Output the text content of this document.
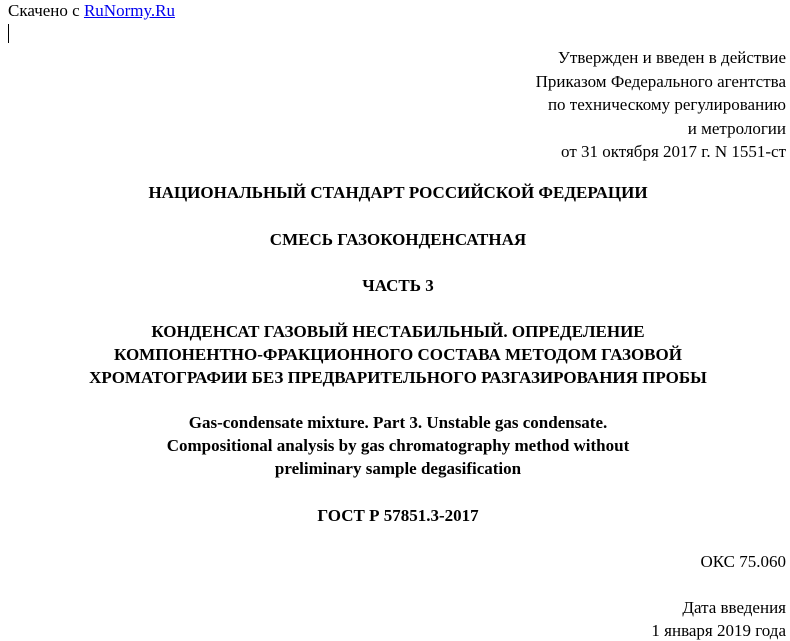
Скачено с RuNormy.Ru
Утвержден и введен в действие
Приказом Федерального агентства
по техническому регулированию
и метрологии
от 31 октября 2017 г. N 1551-ст
НАЦИОНАЛЬНЫЙ СТАНДАРТ РОССИЙСКОЙ ФЕДЕРАЦИИ
СМЕСЬ ГАЗОКОНДЕНСАТНАЯ
ЧАСТЬ 3
КОНДЕНСАТ ГАЗОВЫЙ НЕСТАБИЛЬНЫЙ. ОПРЕДЕЛЕНИЕ
КОМПОНЕНТНО-ФРАКЦИОННОГО СОСТАВА МЕТОДОМ ГАЗОВОЙ
ХРОМАТОГРАФИИ БЕЗ ПРЕДВАРИТЕЛЬНОГО РАЗГАЗИРОВАНИЯ ПРОБЫ
Gas-condensate mixture. Part 3. Unstable gas condensate.
Compositional analysis by gas chromatography method without
preliminary sample degasification
ГОСТ Р 57851.3-2017
ОКС 75.060
Дата введения
1 января 2019 года
